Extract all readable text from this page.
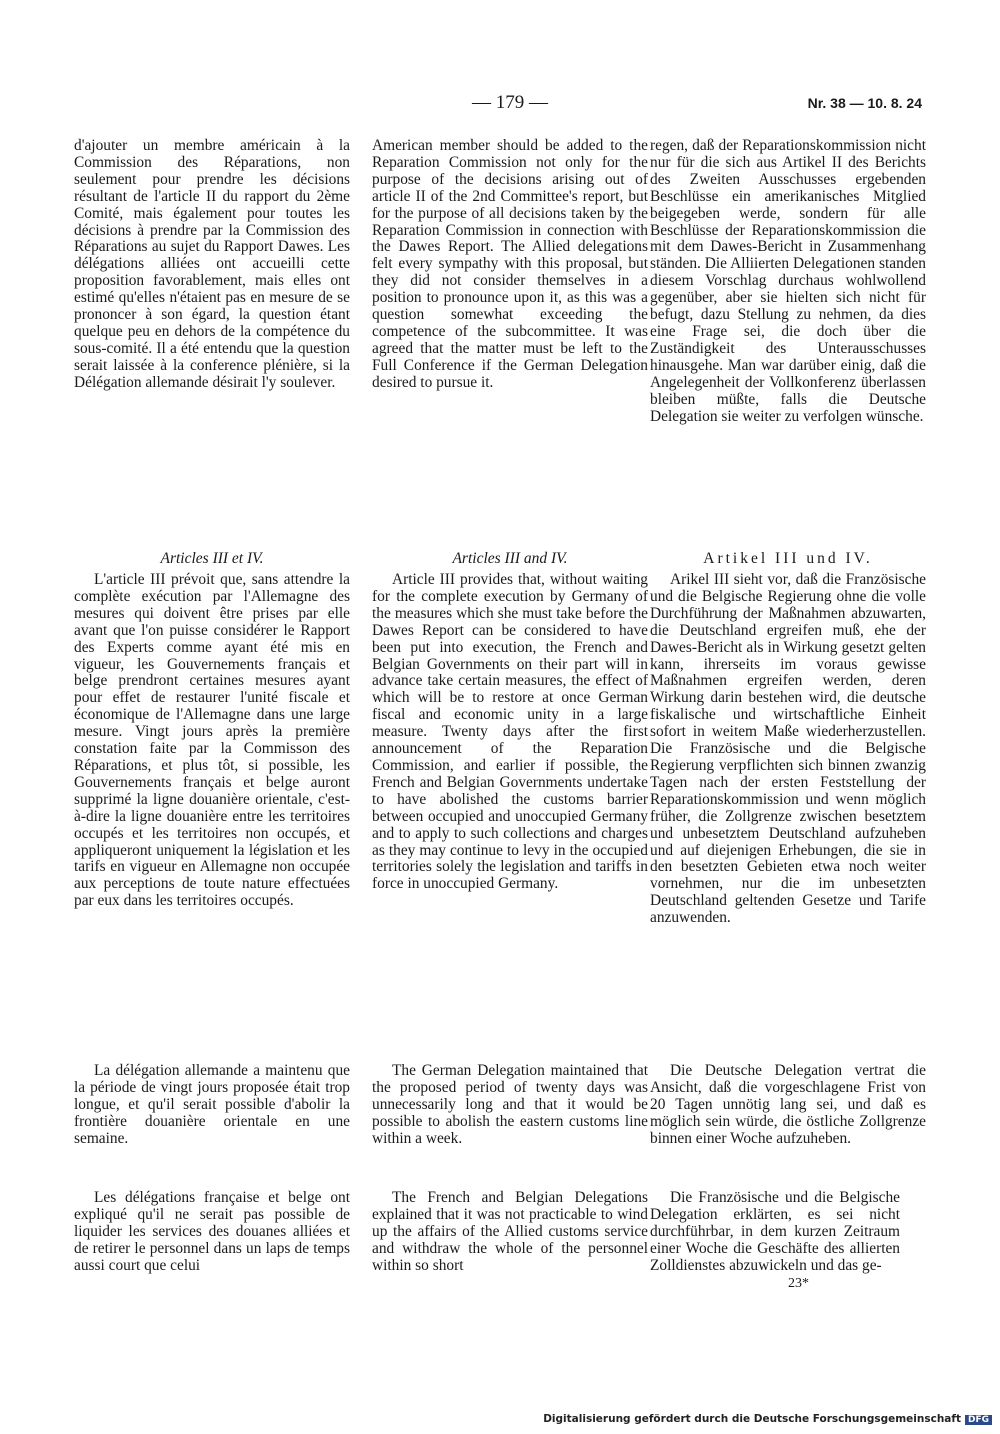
— 179 —	Nr. 38 — 10. 8. 24

d'ajouter un membre américain à la Commission des Réparations, non seulement pour prendre les décisions résultant de l'article II du rapport du 2ème Comité, mais également pour toutes les décisions à prendre par la Commission des Réparations au sujet du Rapport Dawes. Les délégations alliées ont accueilli cette proposition favorablement, mais elles ont estimé qu'elles n'étaient pas en mesure de se prononcer à son égard, la question étant quelque peu en dehors de la compétence du sous-comité. Il a été entendu que la question serait laissée à la conference plénière, si la Délégation allemande désirait l'y soulever.

American member should be added to the Reparation Commission not only for the purpose of the decisions arising out of article II of the 2nd Committee's report, but for the purpose of all decisions taken by the Reparation Commission in connection with the Dawes Report. The Allied delegations felt every sympathy with this proposal, but they did not consider themselves in a position to pronounce upon it, as this was a question somewhat exceeding the competence of the subcommittee. It was agreed that the matter must be left to the Full Conference if the German Delegation desired to pursue it.

regen, daß der Reparationskommission nicht nur für die sich aus Artikel II des Berichts des Zweiten Ausschusses ergebenden Beschlüsse ein amerikanisches Mitglied beigegeben werde, sondern für alle Beschlüsse der Reparationskommission die mit dem Dawes-Bericht in Zusammenhang ständen. Die Alliierten Delegationen standen diesem Vorschlag durchaus wohlwollend gegenüber, aber sie hielten sich nicht für befugt, dazu Stellung zu nehmen, da dies eine Frage sei, die doch über die Zuständigkeit des Unterausschusses hinausgehe. Man war darüber einig, daß die Angelegenheit der Vollkonferenz überlassen bleiben müßte, falls die Deutsche Delegation sie weiter zu verfolgen wünsche.

Articles III et IV.	Articles III and IV.	Artikel III und IV.

L'article III prévoit que, sans attendre la complète exécution par l'Allemagne des mesures qui doivent être prises par elle avant que l'on puisse considérer le Rapport des Experts comme ayant été mis en vigueur, les Gouvernements français et belge prendront certaines mesures ayant pour effet de restaurer l'unité fiscale et économique de l'Allemagne dans une large mesure. Vingt jours après la première constation faite par la Commisson des Réparations, et plus tôt, si possible, les Gouvernements français et belge auront supprimé la ligne douanière orientale, c'est-à-dire la ligne douanière entre les territoires occupés et les territoires non occupés, et appliqueront uniquement la législation et les tarifs en vigueur en Allemagne non occupée aux perceptions de toute nature effectuées par eux dans les territoires occupés.

Article III provides that, without waiting for the complete execution by Germany of the measures which she must take before the Dawes Report can be considered to have been put into execution, the French and Belgian Governments on their part will in advance take certain measures, the effect of which will be to restore at once German fiscal and economic unity in a large measure. Twenty days after the first announcement of the Reparation Commission, and earlier if possible, the French and Belgian Governments undertake to have abolished the customs barrier between occupied and unoccupied Germany and to apply to such collections and charges as they may continue to levy in the occupied territories solely the legislation and tariffs in force in unoccupied Germany.

Arikel III sieht vor, daß die Französische und die Belgische Regierung ohne die volle Durchführung der Maßnahmen abzuwarten, die Deutschland ergreifen muß, ehe der Dawes-Bericht als in Wirkung gesetzt gelten kann, ihrerseits im voraus gewisse Maßnahmen ergreifen werden, deren Wirkung darin bestehen wird, die deutsche fiskalische und wirtschaftliche Einheit sofort in weitem Maße wiederherzustellen. Die Französische und die Belgische Regierung verpflichten sich binnen zwanzig Tagen nach der ersten Feststellung der Reparationskommission und wenn möglich früher, die Zollgrenze zwischen besetztem und unbesetztem Deutschland aufzuheben und auf diejenigen Erhebungen, die sie in den besetzten Gebieten etwa noch weiter vornehmen, nur die im unbesetzten Deutschland geltenden Gesetze und Tarife anzuwenden.

La délégation allemande a maintenu que la période de vingt jours proposée était trop longue, et qu'il serait possible d'abolir la frontière douanière orientale en une semaine.

The German Delegation maintained that the proposed period of twenty days was unnecessarily long and that it would be possible to abolish the eastern customs line within a week.

Die Deutsche Delegation vertrat die Ansicht, daß die vorgeschlagene Frist von 20 Tagen unnötig lang sei, und daß es möglich sein würde, die östliche Zollgrenze binnen einer Woche aufzuheben.

Les délégations française et belge ont expliqué qu'il ne serait pas possible de liquider les services des douanes alliées et de retirer le personnel dans un laps de temps aussi court que celui

The French and Belgian Delegations explained that it was not practicable to wind up the affairs of the Allied customs service and withdraw the whole of the personnel within so short

Die Französische und die Belgische Delegation erklärten, es sei nicht durchführbar, in dem kurzen Zeitraum einer Woche die Geschäfte des allierten Zolldienstes abzuwickeln und das ge-

23*
Digitalisierung gefördert durch die Deutsche Forschungsgemeinschaft DFG
